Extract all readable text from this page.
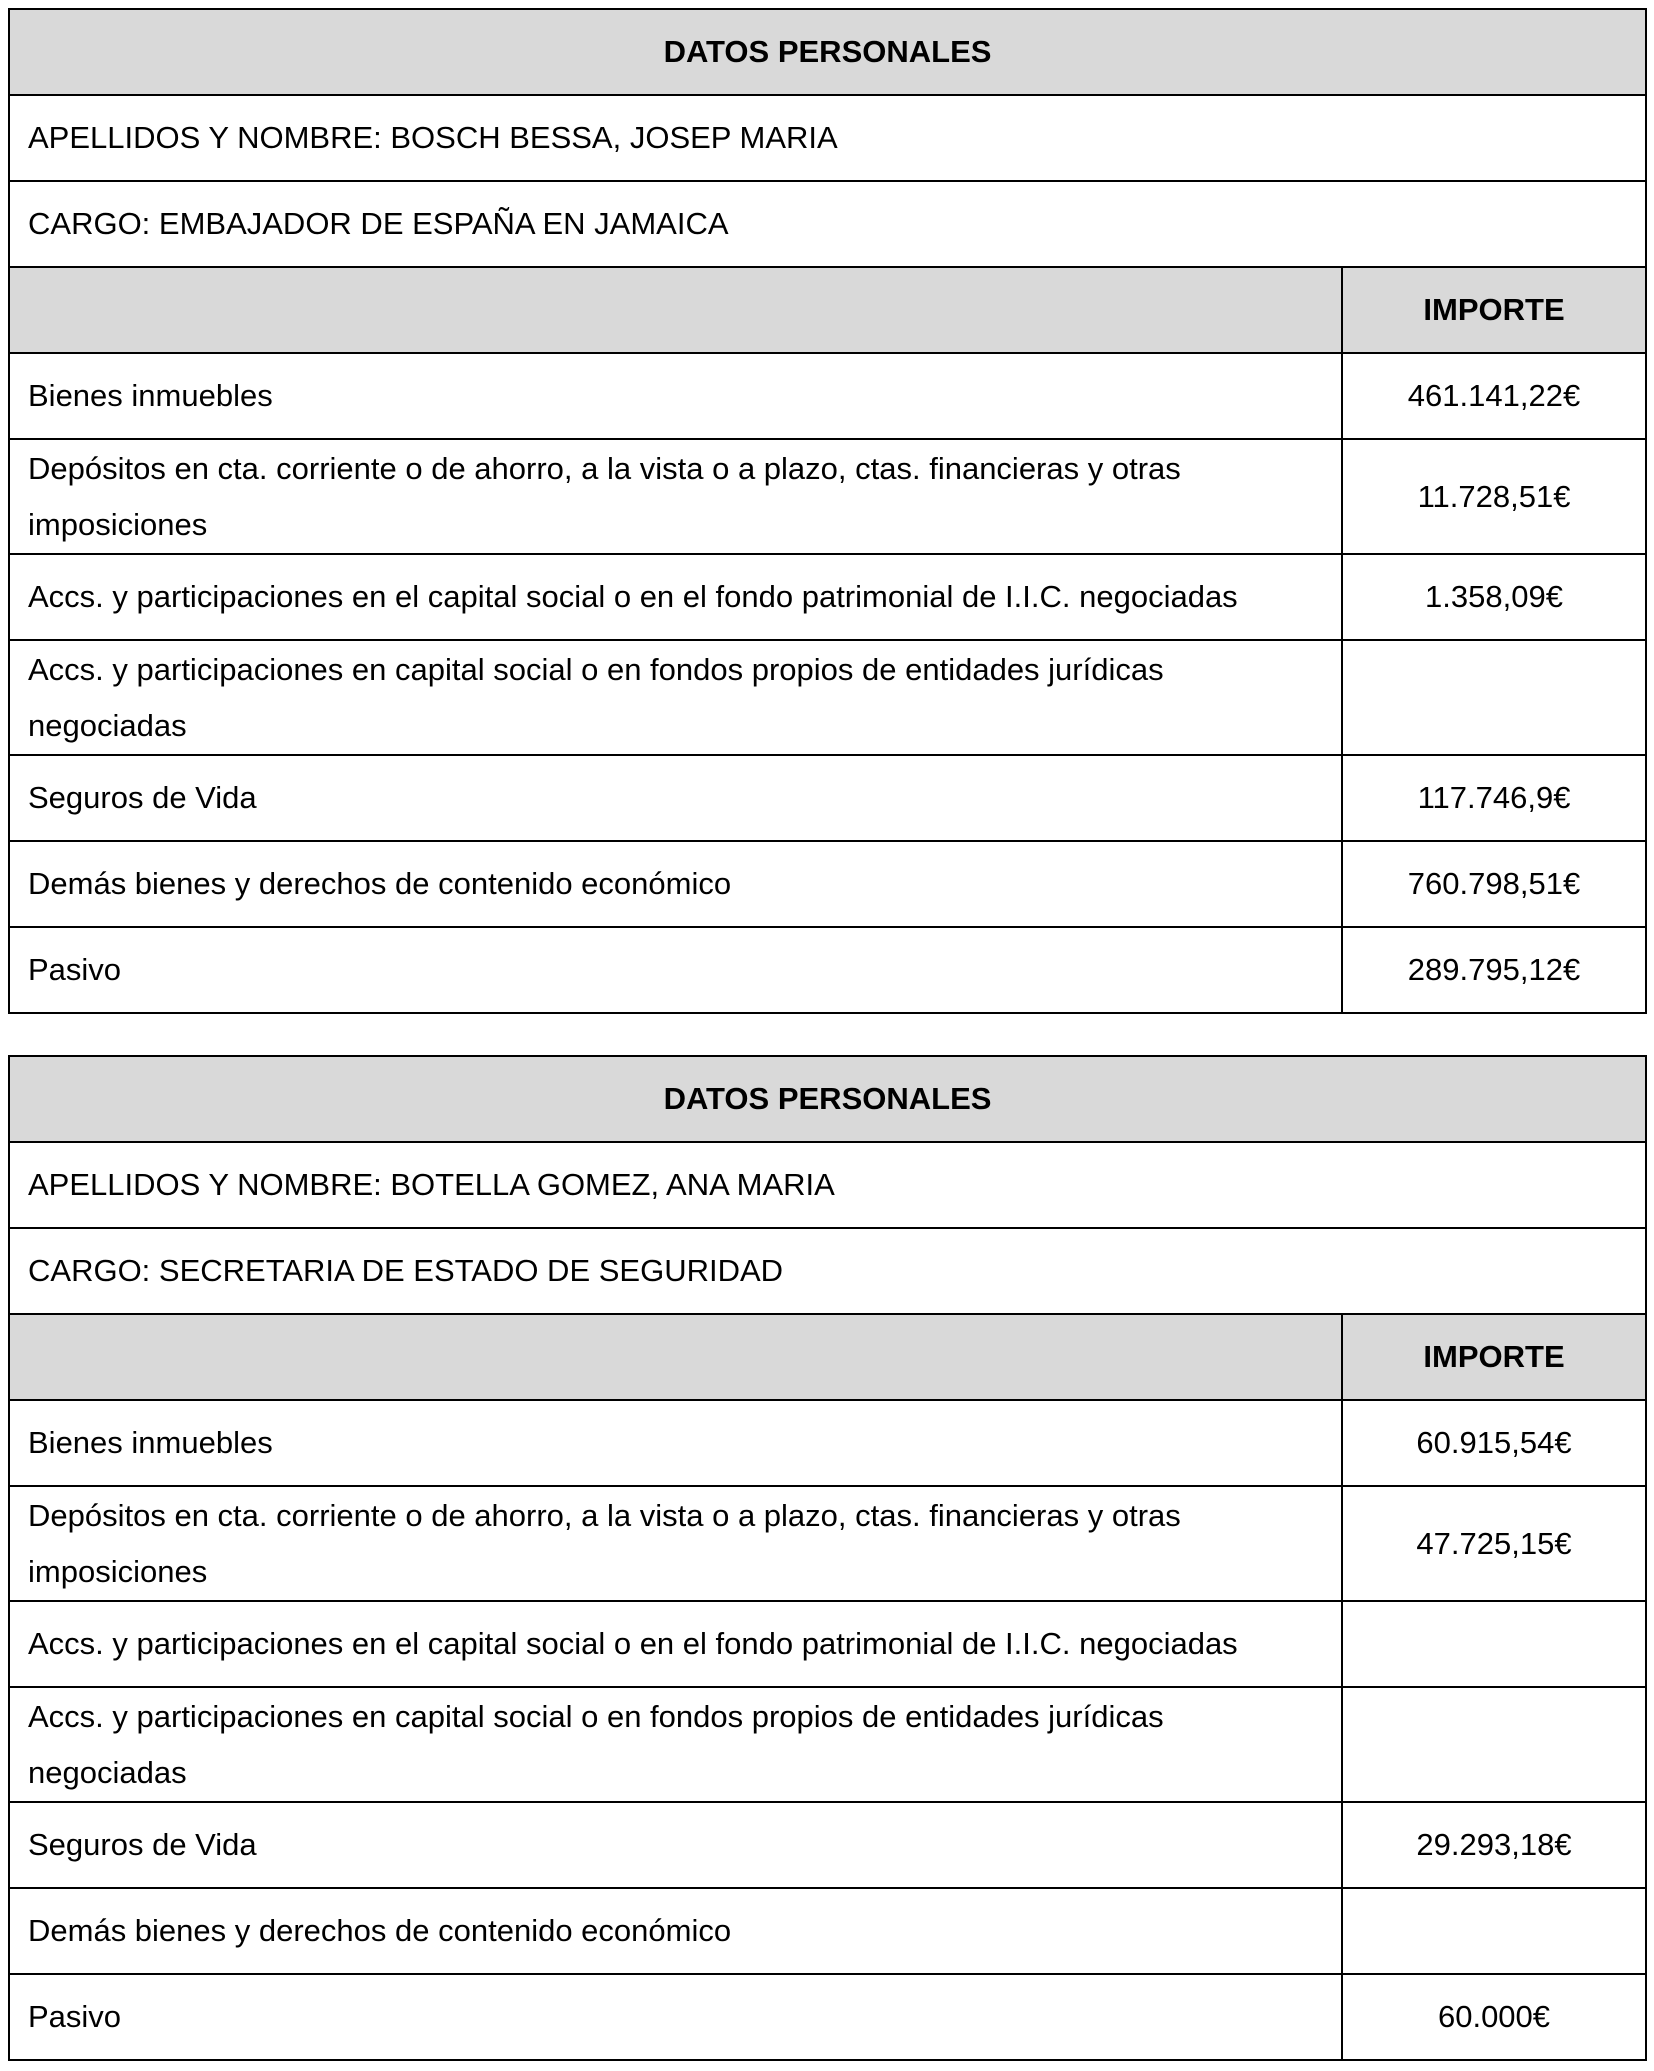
DATOS PERSONALES	
APELLIDOS Y NOMBRE: BOSCH BESSA, JOSEP MARIA	
CARGO: EMBAJADOR DE ESPAÑA EN JAMAICA	
	IMPORTE
Bienes inmuebles	461.141,22€
Depósitos en cta. corriente o de ahorro, a la vista o a plazo, ctas. financieras y otras imposiciones	11.728,51€
Accs. y participaciones en el capital social o en el fondo patrimonial de I.I.C. negociadas	1.358,09€
Accs. y participaciones en capital social o en fondos propios de entidades jurídicas negociadas	
Seguros de Vida	117.746,9€
Demás bienes y derechos de contenido económico	760.798,51€
Pasivo	289.795,12€
DATOS PERSONALES	
APELLIDOS Y NOMBRE: BOTELLA GOMEZ, ANA MARIA	
CARGO: SECRETARIA DE ESTADO DE SEGURIDAD	
	IMPORTE
Bienes inmuebles	60.915,54€
Depósitos en cta. corriente o de ahorro, a la vista o a plazo, ctas. financieras y otras imposiciones	47.725,15€
Accs. y participaciones en el capital social o en el fondo patrimonial de I.I.C. negociadas	
Accs. y participaciones en capital social o en fondos propios de entidades jurídicas negociadas	
Seguros de Vida	29.293,18€
Demás bienes y derechos de contenido económico	
Pasivo	60.000€
